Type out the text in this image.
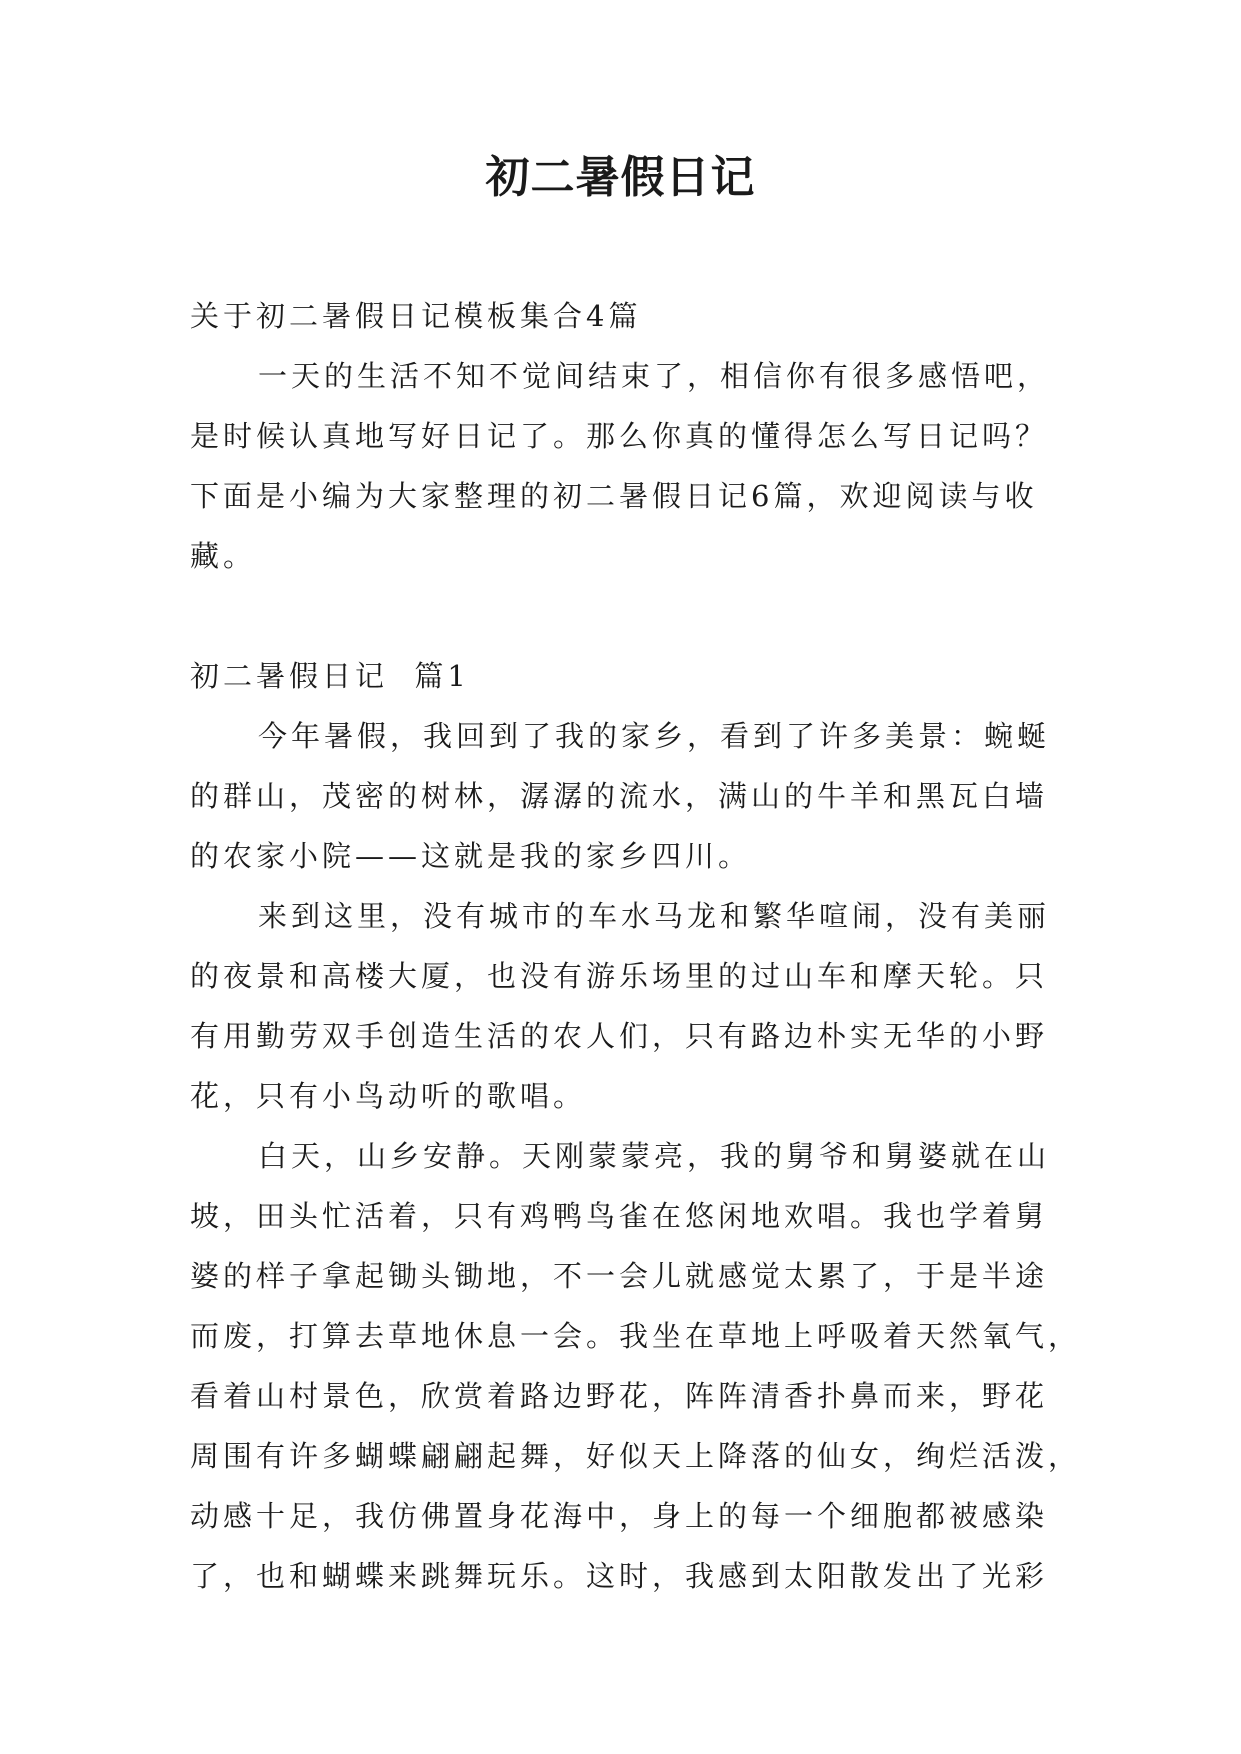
初二暑假日记
关于初二暑假日记模板集合4篇
一天的生活不知不觉间结束了，相信你有很多感悟吧，
是时候认真地写好日记了。那么你真的懂得怎么写日记吗？
下面是小编为大家整理的初二暑假日记6篇，欢迎阅读与收
藏。
初二暑假日记  篇1
今年暑假，我回到了我的家乡，看到了许多美景：蜿蜒
的群山，茂密的树林，潺潺的流水，满山的牛羊和黑瓦白墙
的农家小院——这就是我的家乡四川。
来到这里，没有城市的车水马龙和繁华喧闹，没有美丽
的夜景和高楼大厦，也没有游乐场里的过山车和摩天轮。只
有用勤劳双手创造生活的农人们，只有路边朴实无华的小野
花，只有小鸟动听的歌唱。
白天，山乡安静。天刚蒙蒙亮，我的舅爷和舅婆就在山
坡，田头忙活着，只有鸡鸭鸟雀在悠闲地欢唱。我也学着舅
婆的样子拿起锄头锄地，不一会儿就感觉太累了，于是半途
而废，打算去草地休息一会。我坐在草地上呼吸着天然氧气，
看着山村景色，欣赏着路边野花，阵阵清香扑鼻而来，野花
周围有许多蝴蝶翩翩起舞，好似天上降落的仙女，绚烂活泼，
动感十足，我仿佛置身花海中，身上的每一个细胞都被感染
了，也和蝴蝶来跳舞玩乐。这时，我感到太阳散发出了光彩
